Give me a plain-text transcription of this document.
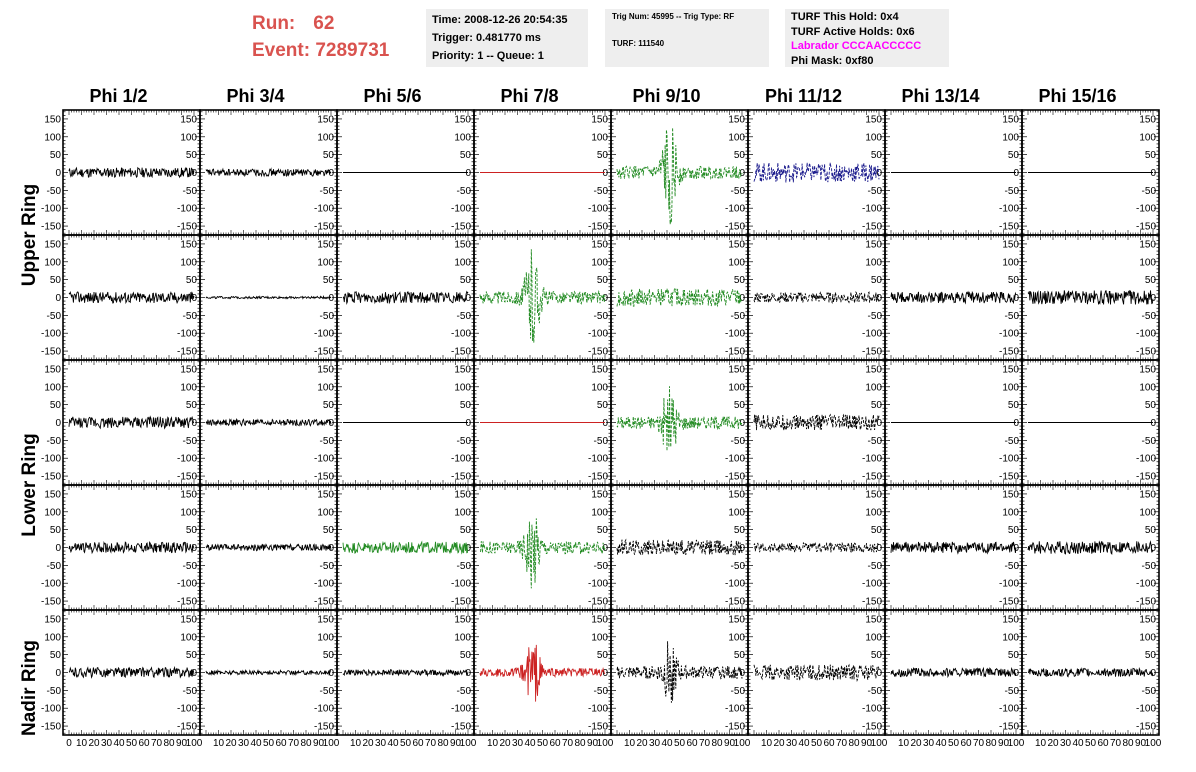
Run: 62
Event: 7289731
Time: 2008-12-26 20:54:35
Trigger: 0.481770 ms
Priority: 1 -- Queue: 1
Trig Num: 45995 -- Trig Type: RF
TURF: 111540
TURF This Hold: 0x4
TURF Active Holds: 0x6
Labrador CCCAACCCCC
Phi Mask: 0xf80
Phi 1/2	Phi 3/4	Phi 5/6	Phi 7/8	Phi 9/10	Phi 11/12	Phi 13/14	Phi 15/16
Upper Ring
Lower Ring
Nadir Ring
-150
-150
-100
-100
-50
-50
0
0
50
50
100
100
150
150
-150
-100
-50
0
50
100
150
-150
-100
-50
0
50
100
150
-150
-100
-50
0
50
100
150
-150
-100
-50
0
50
100
150
-150
-100
-50
0
50
100
150
-150
-100
-50
0
50
100
150
-150
-100
-50
0
50
100
150
-150
-150
-100
-100
-50
-50
0
0
50
50
100
100
150
150
-150
-100
-50
0
50
100
150
-150
-100
-50
0
50
100
150
-150
-100
-50
0
50
100
150
-150
-100
-50
0
50
100
150
-150
-100
-50
0
50
100
150
-150
-100
-50
0
50
100
150
-150
-100
-50
0
50
100
150
-150
-150
-100
-100
-50
-50
0
0
50
50
100
100
150
150
-150
-100
-50
0
50
100
150
-150
-100
-50
0
50
100
150
-150
-100
-50
0
50
100
150
-150
-100
-50
0
50
100
150
-150
-100
-50
0
50
100
150
-150
-100
-50
0
50
100
150
-150
-100
-50
0
50
100
150
-150
-150
-100
-100
-50
-50
0
0
50
50
100
100
150
150
-150
-100
-50
0
50
100
150
-150
-100
-50
0
50
100
150
-150
-100
-50
0
50
100
150
-150
-100
-50
0
50
100
150
-150
-100
-50
0
50
100
150
-150
-100
-50
0
50
100
150
-150
-100
-50
0
50
100
150
-150
-150
-100
-100
-50
-50
0
0
50
50
100
100
150
150
0 10 20 30 40 50 60 70 80 90
100
-150
-100
-50
0
50
100
150
10 20 30 40 50 60 70 80 90
100
-150
-100
-50
0
50
100
150
10 20 30 40 50 60 70 80 90
100
-150
-100
-50
0
50
100
150
10 20 30 40 50 60 70 80 90
100
-150
-100
-50
0
50
100
150
10 20 30 40 50 60 70 80 90
100
-150
-100
-50
0
50
100
150
10 20 30 40 50 60 70 80 90
100
-150
-100
-50
0
50
100
150
10 20 30 40 50 60 70 80 90
100
-150
-100
-50
0
50
100
150
10 20 30 40 50 60 70 80 90
100
